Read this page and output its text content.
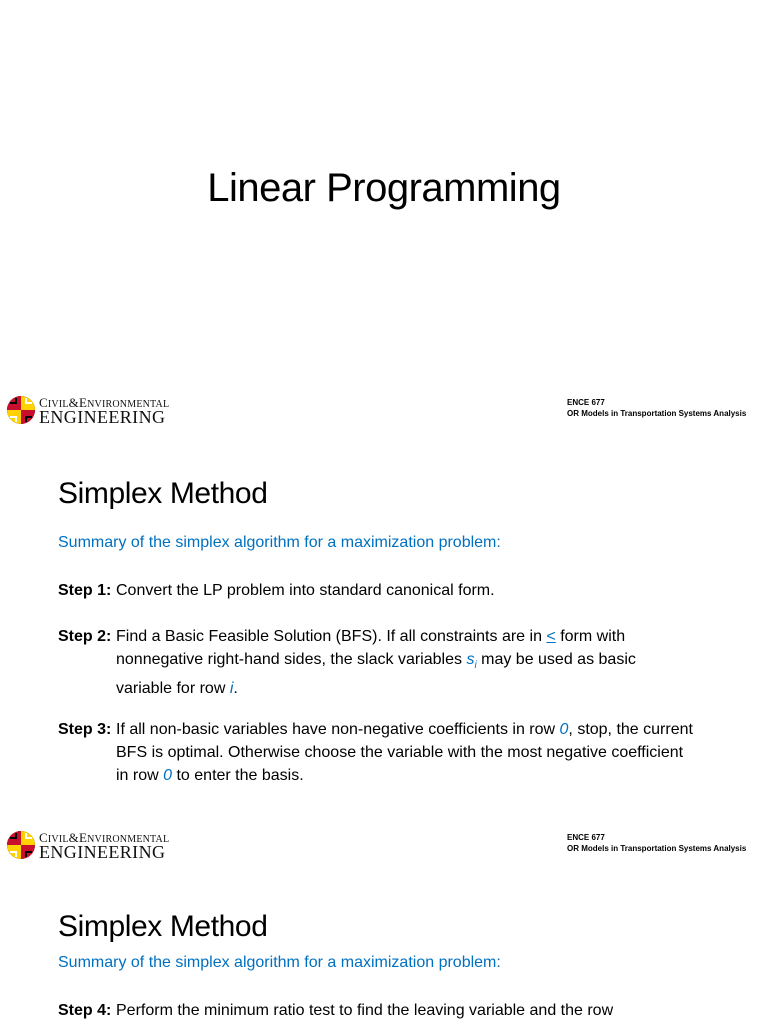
Linear Programming
CIVIL&ENVIRONMENTAL
ENGINEERING
ENCE 677
OR Models in Transportation Systems Analysis
Simplex Method
Summary of the simplex algorithm for a maximization problem:
Step 1: Convert the LP problem into standard canonical form.
Step 2: Find a Basic Feasible Solution (BFS). If all constraints are in < form with nonnegative right-hand sides, the slack variables $s_i$ may be used as basic variable for row i.
Step 3: If all non-basic variables have non-negative coefficients in row 0, stop, the current BFS is optimal. Otherwise choose the variable with the most negative coefficient in row 0 to enter the basis.
CIVIL&ENVIRONMENTAL
ENGINEERING
ENCE 677
OR Models in Transportation Systems Analysis
Simplex Method
Summary of the simplex algorithm for a maximization problem:
Step 4: Perform the minimum ratio test to find the leaving variable and the row
